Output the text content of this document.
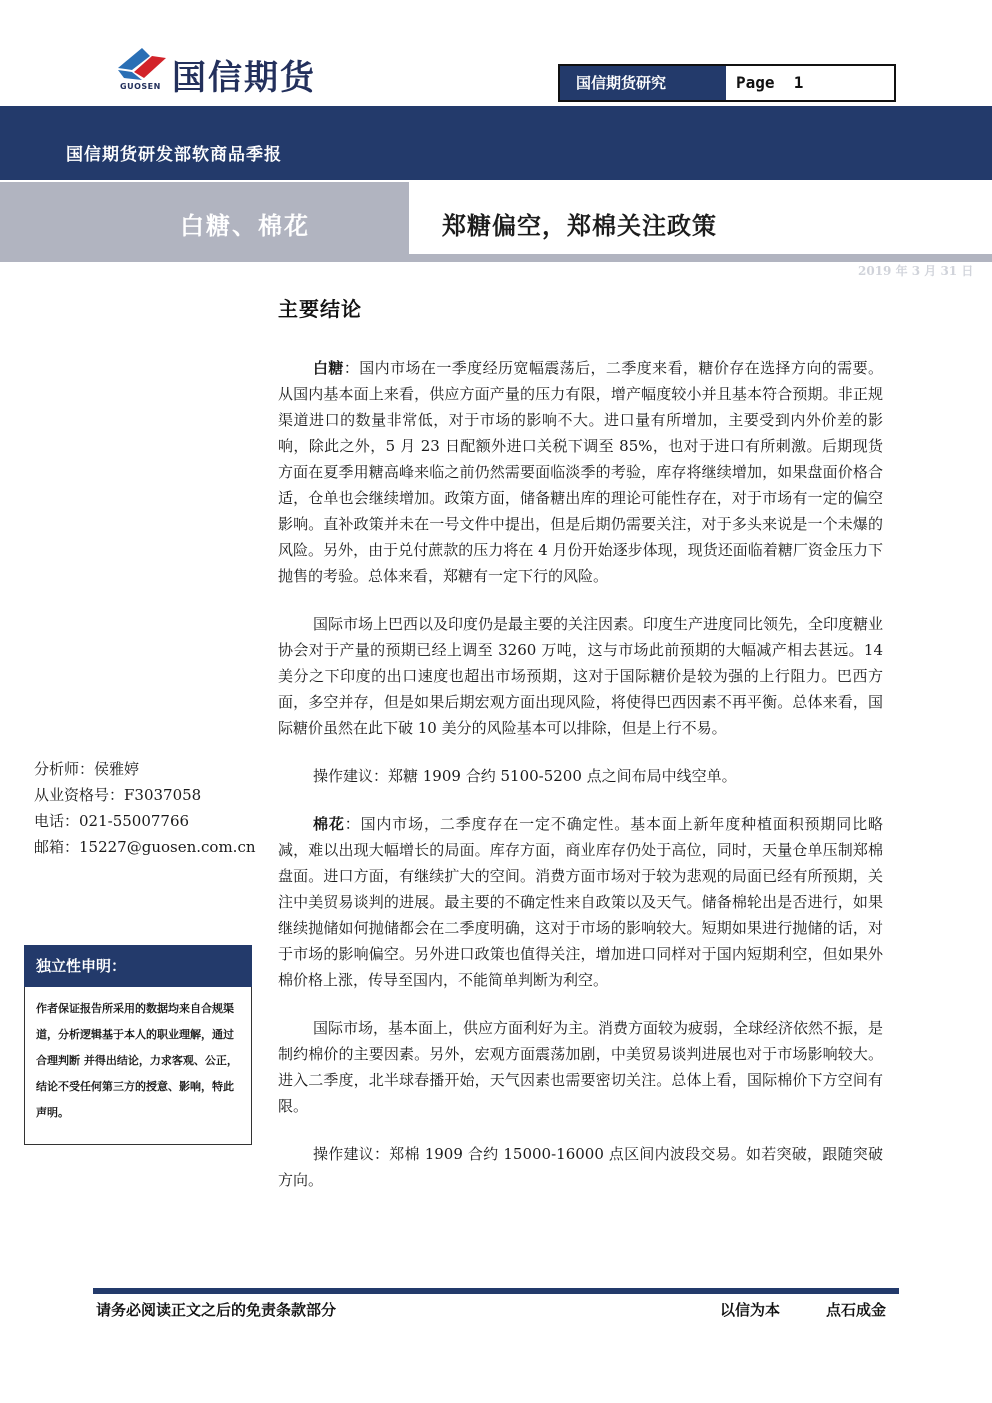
国信期货
GUOSEN	国信期货研究	Page  1
国信期货研发部软商品季报
白糖、棉花	郑糖偏空，郑棉关注政策
2019 年 3 月 31 日
主要结论

白糖：国内市场在一季度经历宽幅震荡后，二季度来看，糖价存在选择方向的需要。从国内基本面上来看，供应方面产量的压力有限，增产幅度较小并且基本符合预期。非正规渠道进口的数量非常低，对于市场的影响不大。进口量有所增加，主要受到内外价差的影响，除此之外，5 月 23 日配额外进口关税下调至 85%，也对于进口有所刺激。后期现货方面在夏季用糖高峰来临之前仍然需要面临淡季的考验，库存将继续增加，如果盘面价格合适，仓单也会继续增加。政策方面，储备糖出库的理论可能性存在，对于市场有一定的偏空影响。直补政策并未在一号文件中提出，但是后期仍需要关注，对于多头来说是一个未爆的风险。另外，由于兑付蔗款的压力将在 4 月份开始逐步体现，现货还面临着糖厂资金压力下抛售的考验。总体来看，郑糖有一定下行的风险。

国际市场上巴西以及印度仍是最主要的关注因素。印度生产进度同比领先，全印度糖业协会对于产量的预期已经上调至 3260 万吨，这与市场此前预期的大幅减产相去甚远。14 美分之下印度的出口速度也超出市场预期，这对于国际糖价是较为强的上行阻力。巴西方面，多空并存，但是如果后期宏观方面出现风险，将使得巴西因素不再平衡。总体来看，国际糖价虽然在此下破 10 美分的风险基本可以排除，但是上行不易。

操作建议：郑糖 1909 合约 5100-5200 点之间布局中线空单。

棉花：国内市场，二季度存在一定不确定性。基本面上新年度种植面积预期同比略减，难以出现大幅增长的局面。库存方面，商业库存仍处于高位，同时，天量仓单压制郑棉盘面。进口方面，有继续扩大的空间。消费方面市场对于较为悲观的局面已经有所预期，关注中美贸易谈判的进展。最主要的不确定性来自政策以及天气。储备棉轮出是否进行，如果继续抛储如何抛储都会在二季度明确，这对于市场的影响较大。短期如果进行抛储的话，对于市场的影响偏空。另外进口政策也值得关注，增加进口同样对于国内短期利空，但如果外棉价格上涨，传导至国内，不能简单判断为利空。

国际市场，基本面上，供应方面利好为主。消费方面较为疲弱，全球经济依然不振，是制约棉价的主要因素。另外，宏观方面震荡加剧，中美贸易谈判进展也对于市场影响较大。进入二季度，北半球春播开始，天气因素也需要密切关注。总体上看，国际棉价下方空间有限。

操作建议：郑棉 1909 合约 15000-16000 点区间内波段交易。如若突破，跟随突破方向。

分析师：侯雅婷
从业资格号：F3037058
电话：021-55007766
邮箱：15227@guosen.com.cn
独立性申明：
作者保证报告所采用的数据均来自合规渠道，分析逻辑基于本人的职业理解，通过合理判断 并得出结论，力求客观、公正，结论不受任何第三方的授意、影响，特此声明。
请务必阅读正文之后的免责条款部分	以信为本	点石成金
